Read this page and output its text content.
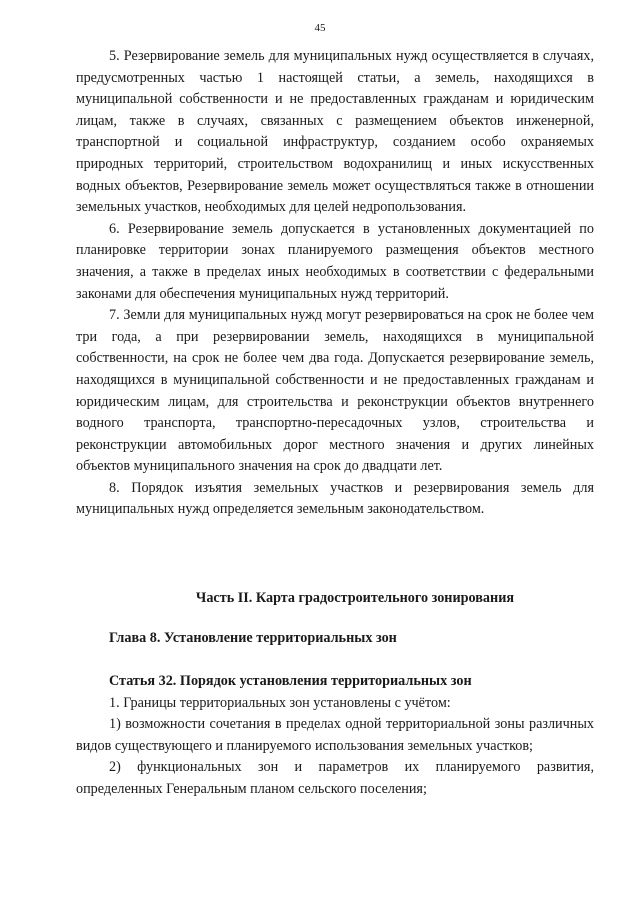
45

5. Резервирование земель для муниципальных нужд осуществляется в случаях, предусмотренных частью 1 настоящей статьи, а земель, находящихся в муниципальной собственности и не предоставленных гражданам и юридическим лицам, также в случаях, связанных с размещением объектов инженерной, транспортной и социальной инфраструктур, созданием особо охраняемых природных территорий, строительством водохранилищ и иных искусственных водных объектов, Резервирование земель может осуществляться также в отношении земельных участков, необходимых для целей недропользования.

6. Резервирование земель допускается в установленных документацией по планировке территории зонах планируемого размещения объектов местного значения, а также в пределах иных необходимых в соответствии с федеральными законами для обеспечения муниципальных нужд территорий.

7. Земли для муниципальных нужд могут резервироваться на срок не более чем три года, а при резервировании земель, находящихся в муниципальной собственности, на срок не более чем два года. Допускается резервирование земель, находящихся в муниципальной собственности и не предоставленных гражданам и юридическим лицам, для строительства и реконструкции объектов внутреннего водного транспорта, транспортно-пересадочных узлов, строительства и реконструкции автомобильных дорог местного значения и других линейных объектов муниципального значения на срок до двадцати лет.

8. Порядок изъятия земельных участков и резервирования земель для муниципальных нужд определяется земельным законодательством.

Часть II. Карта градостроительного зонирования
Глава 8. Установление территориальных зон

Статья 32. Порядок установления территориальных зон

1. Границы территориальных зон установлены с учётом:

1) возможности сочетания в пределах одной территориальной зоны различных видов существующего и планируемого использования земельных участков;

2) функциональных зон и параметров их планируемого развития, определенных Генеральным планом сельского поселения;
